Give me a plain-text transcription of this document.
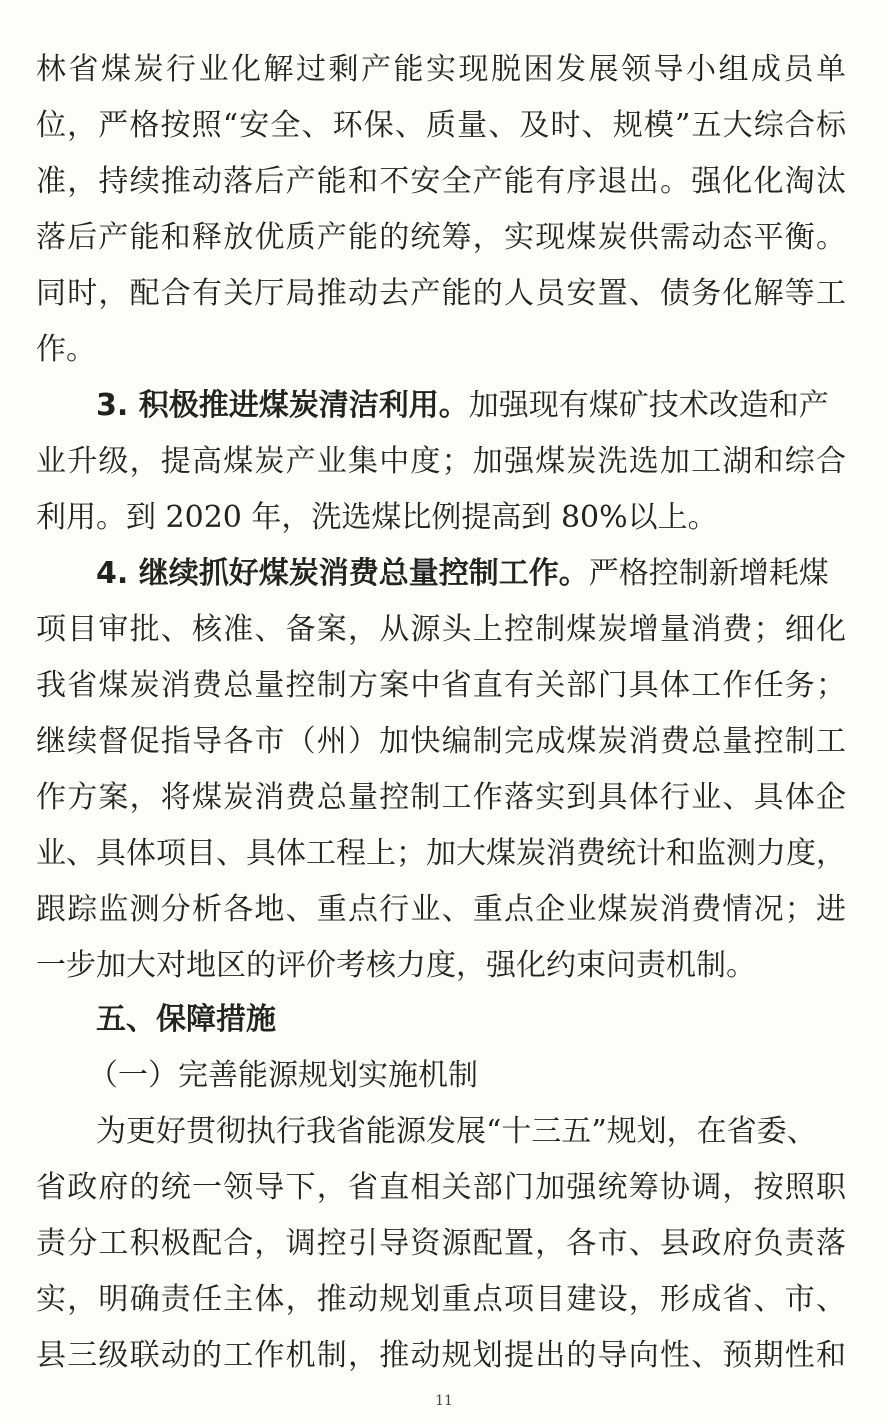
林省煤炭行业化解过剩产能实现脱困发展领导小组成员单
位，严格按照“安全、环保、质量、及时、规模”五大综合标
准，持续推动落后产能和不安全产能有序退出。强化化淘汰
落后产能和释放优质产能的统筹，实现煤炭供需动态平衡。
同时，配合有关厅局推动去产能的人员安置、债务化解等工
作。
3. 积极推进煤炭清洁利用。加强现有煤矿技术改造和产
业升级，提高煤炭产业集中度；加强煤炭洗选加工湖和综合
利用。到 2020 年，洗选煤比例提高到 80%以上。
4. 继续抓好煤炭消费总量控制工作。严格控制新增耗煤
项目审批、核准、备案，从源头上控制煤炭增量消费；细化
我省煤炭消费总量控制方案中省直有关部门具体工作任务；
继续督促指导各市（州）加快编制完成煤炭消费总量控制工
作方案，将煤炭消费总量控制工作落实到具体行业、具体企
业、具体项目、具体工程上；加大煤炭消费统计和监测力度，
跟踪监测分析各地、重点行业、重点企业煤炭消费情况；进
一步加大对地区的评价考核力度，强化约束问责机制。
五、保障措施
（一）完善能源规划实施机制
为更好贯彻执行我省能源发展“十三五”规划，在省委、
省政府的统一领导下，省直相关部门加强统筹协调，按照职
责分工积极配合，调控引导资源配置，各市、县政府负责落
实，明确责任主体，推动规划重点项目建设，形成省、市、
县三级联动的工作机制，推动规划提出的导向性、预期性和
11
